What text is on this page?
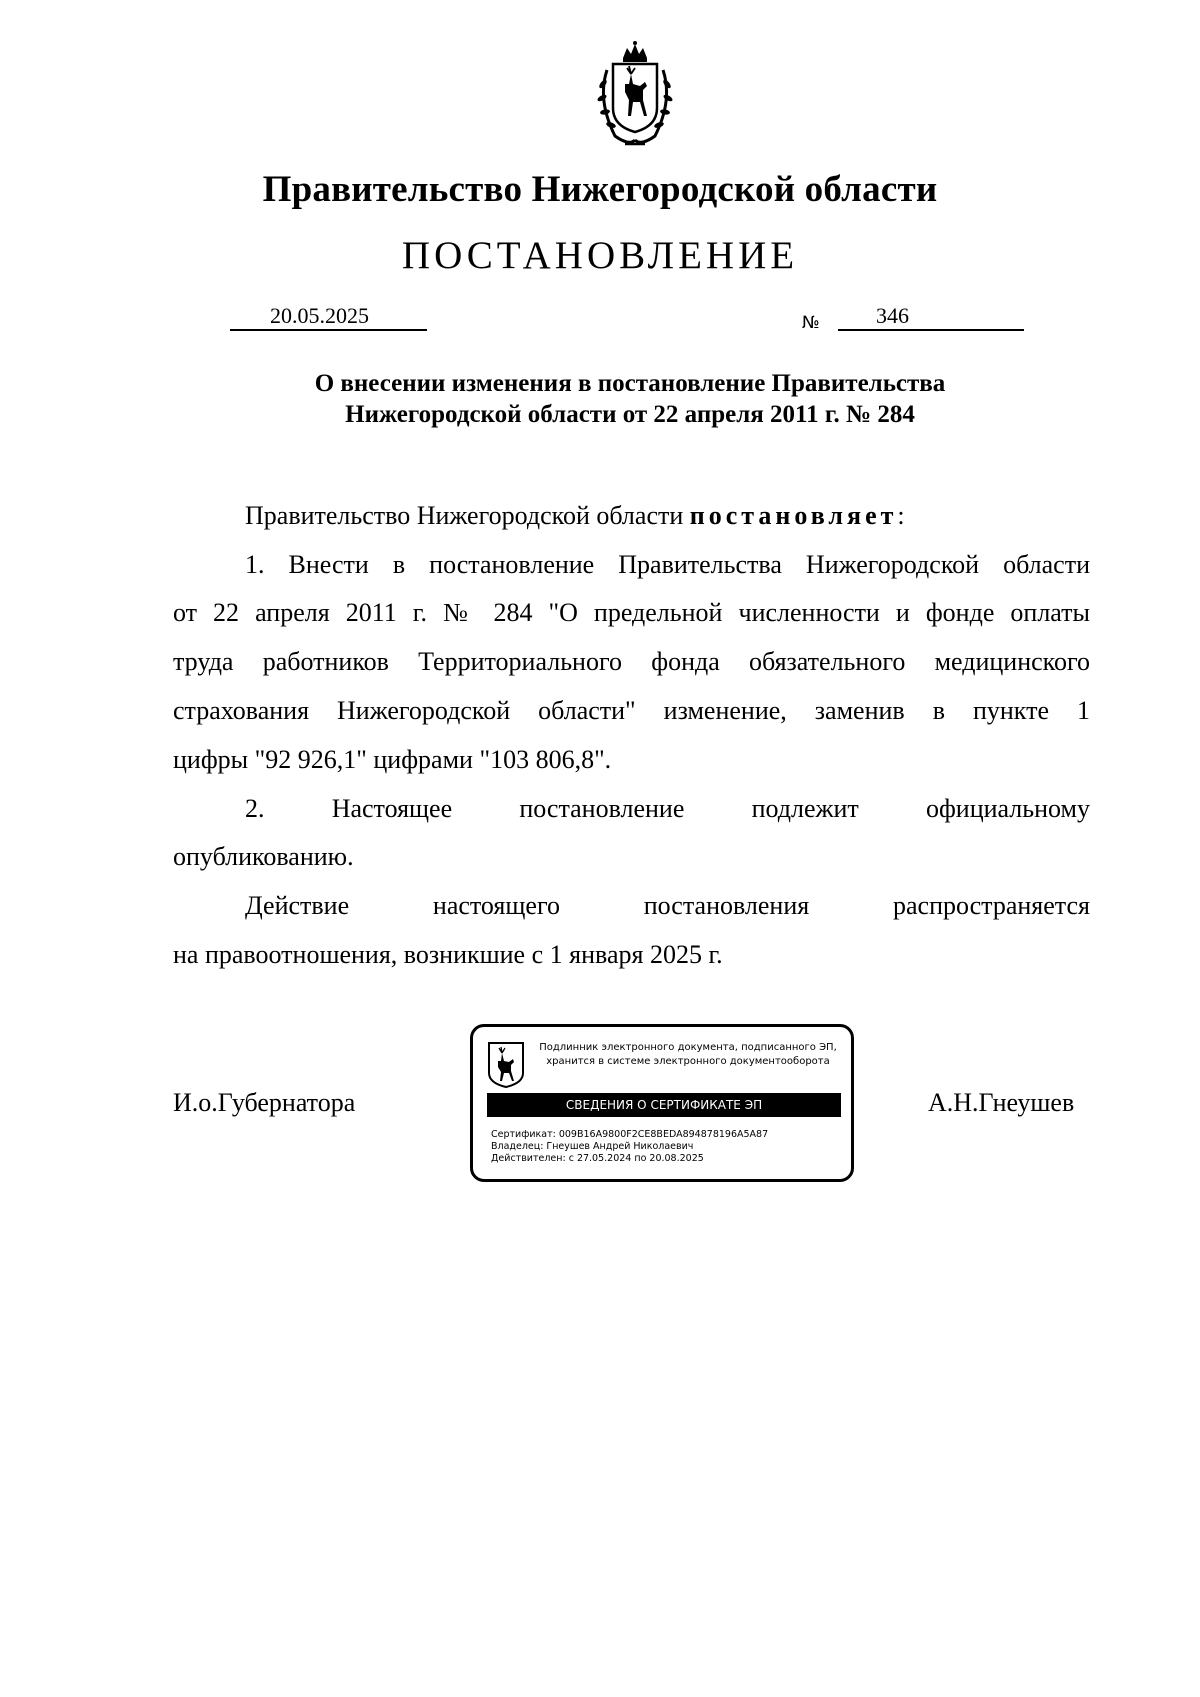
Правительство Нижегородской области
ПОСТАНОВЛЕНИЕ
20.05.2025	№	346
О внесении изменения в постановление Правительства
Нижегородской области от 22 апреля 2011 г. № 284
Правительство Нижегородской области постановляет:
1. Внести в постановление Правительства Нижегородской области
от 22 апреля 2011 г. № 284 "О предельной численности и фонде оплаты
труда работников Территориального фонда обязательного медицинского
страхования Нижегородской области" изменение, заменив в пункте 1
цифры "92 926,1" цифрами "103 806,8".
2. Настоящее постановление подлежит официальному
опубликованию.
Действие настоящего постановления распространяется
на правоотношения, возникшие с 1 января 2025 г.
И.о.Губернатора	А.Н.Гнеушев
Подлинник электронного документа, подписанного ЭП,
хранится в системе электронного документооборота
СВЕДЕНИЯ О СЕРТИФИКАТЕ ЭП
Сертификат: 009B16A9800F2CE8BEDA894878196A5A87
Владелец: Гнеушев Андрей Николаевич
Действителен: с 27.05.2024 по 20.08.2025
